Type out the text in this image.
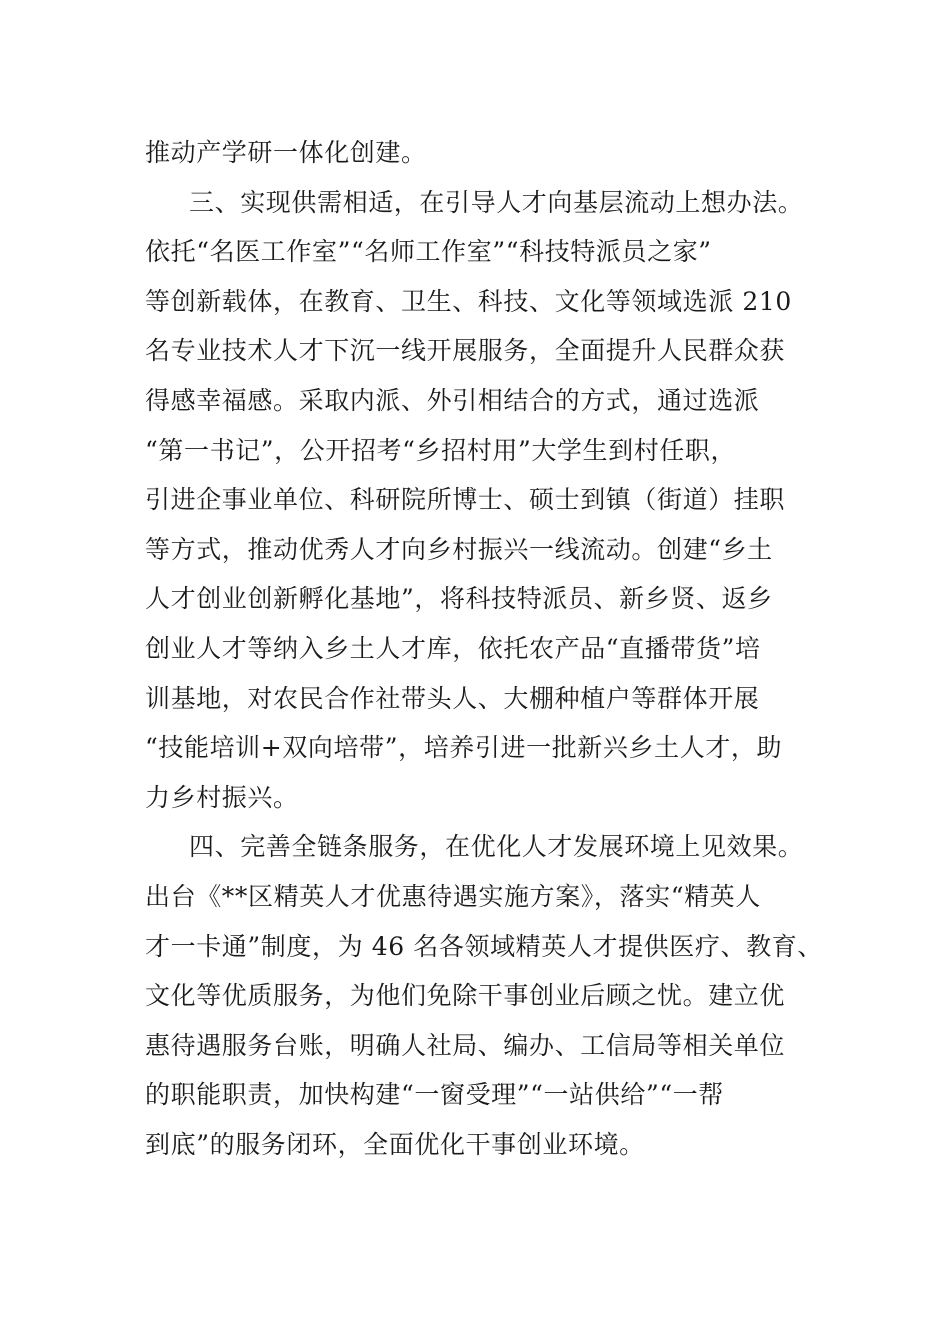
推动产学研一体化创建。
三、实现供需相适，在引导人才向基层流动上想办法。
依托“名医工作室”“名师工作室”“科技特派员之家”
等创新载体，在教育、卫生、科技、文化等领域选派 210
名专业技术人才下沉一线开展服务，全面提升人民群众获
得感幸福感。采取内派、外引相结合的方式，通过选派
“第一书记”，公开招考“乡招村用”大学生到村任职，
引进企事业单位、科研院所博士、硕士到镇（街道）挂职
等方式，推动优秀人才向乡村振兴一线流动。创建“乡土
人才创业创新孵化基地”，将科技特派员、新乡贤、返乡
创业人才等纳入乡土人才库，依托农产品“直播带货”培
训基地，对农民合作社带头人、大棚种植户等群体开展
“技能培训+双向培带”，培养引进一批新兴乡土人才，助
力乡村振兴。
四、完善全链条服务，在优化人才发展环境上见效果。
出台《**区精英人才优惠待遇实施方案》，落实“精英人
才一卡通”制度，为 46 名各领域精英人才提供医疗、教育、
文化等优质服务，为他们免除干事创业后顾之忧。建立优
惠待遇服务台账，明确人社局、编办、工信局等相关单位
的职能职责，加快构建“一窗受理”“一站供给”“一帮
到底”的服务闭环，全面优化干事创业环境。
